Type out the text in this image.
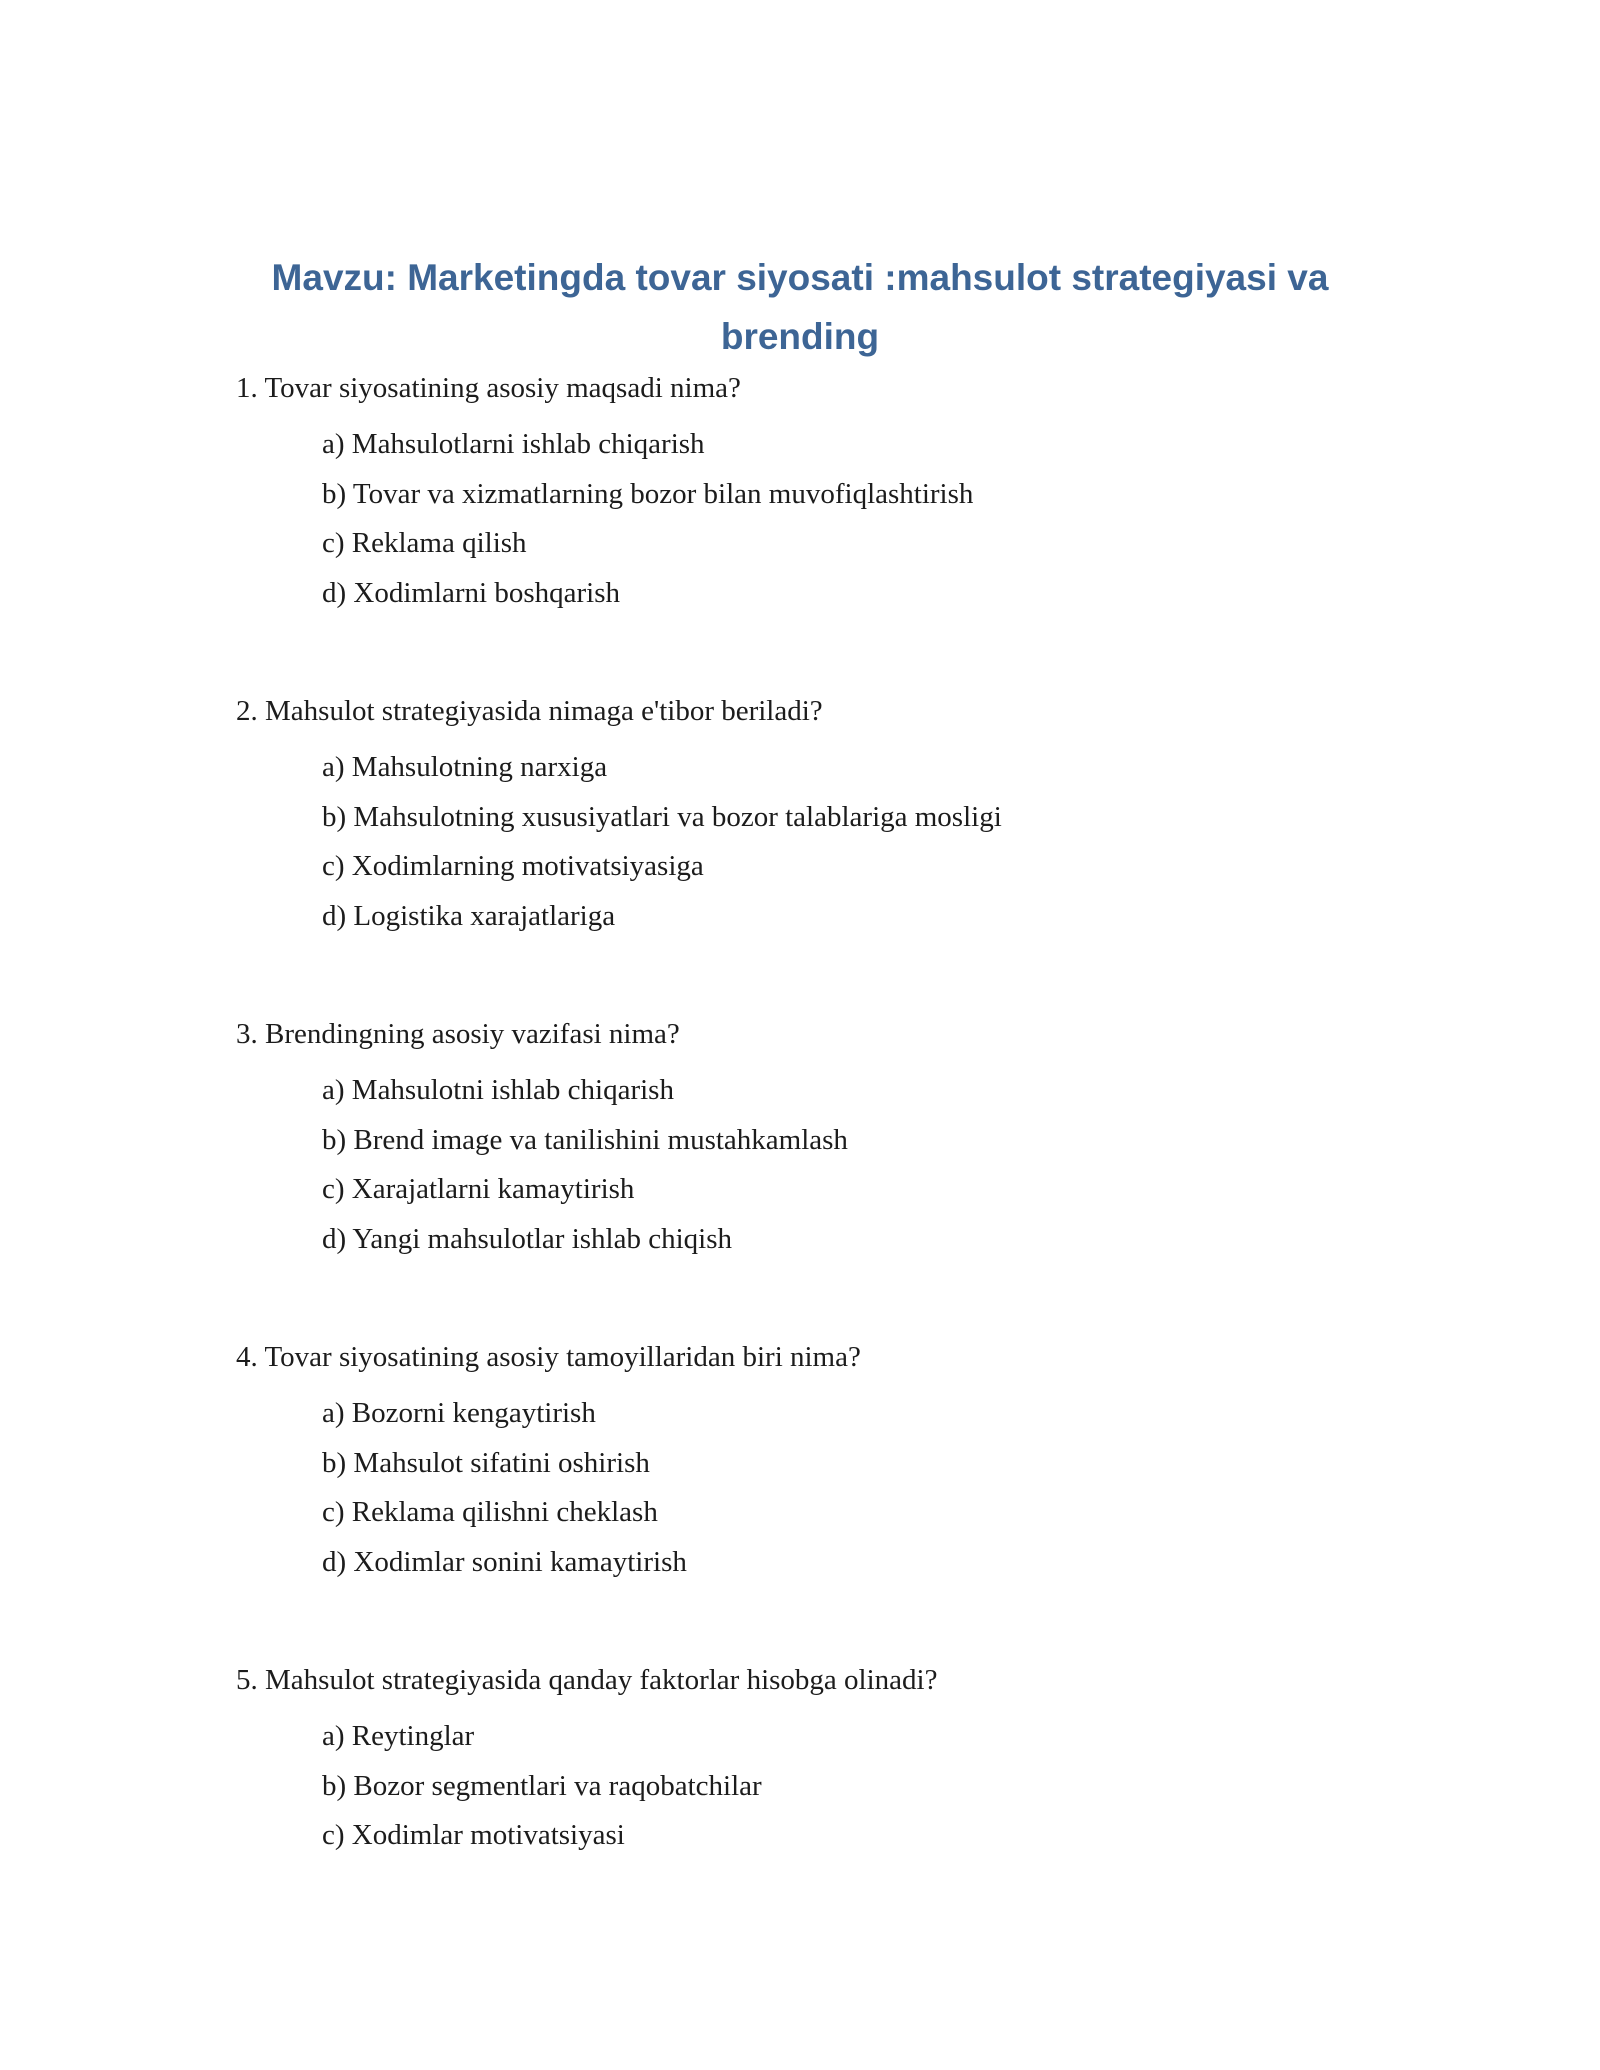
Mavzu: Marketingda tovar siyosati :mahsulot strategiyasi va brending

1. Tovar siyosatining asosiy maqsadi nima?

a) Mahsulotlarni ishlab chiqarish
b) Tovar va xizmatlarning bozor bilan muvofiqlashtirish
c) Reklama qilish
d) Xodimlarni boshqarish

2. Mahsulot strategiyasida nimaga e'tibor beriladi?

a) Mahsulotning narxiga
b) Mahsulotning xususiyatlari va bozor talablariga mosligi
c) Xodimlarning motivatsiyasiga
d) Logistika xarajatlariga

3. Brendingning asosiy vazifasi nima?

a) Mahsulotni ishlab chiqarish
b) Brend image va tanilishini mustahkamlash
c) Xarajatlarni kamaytirish
d) Yangi mahsulotlar ishlab chiqish

4. Tovar siyosatining asosiy tamoyillaridan biri nima?

a) Bozorni kengaytirish
b) Mahsulot sifatini oshirish
c) Reklama qilishni cheklash
d) Xodimlar sonini kamaytirish

5. Mahsulot strategiyasida qanday faktorlar hisobga olinadi?

a) Reytinglar
b) Bozor segmentlari va raqobatchilar
c) Xodimlar motivatsiyasi
